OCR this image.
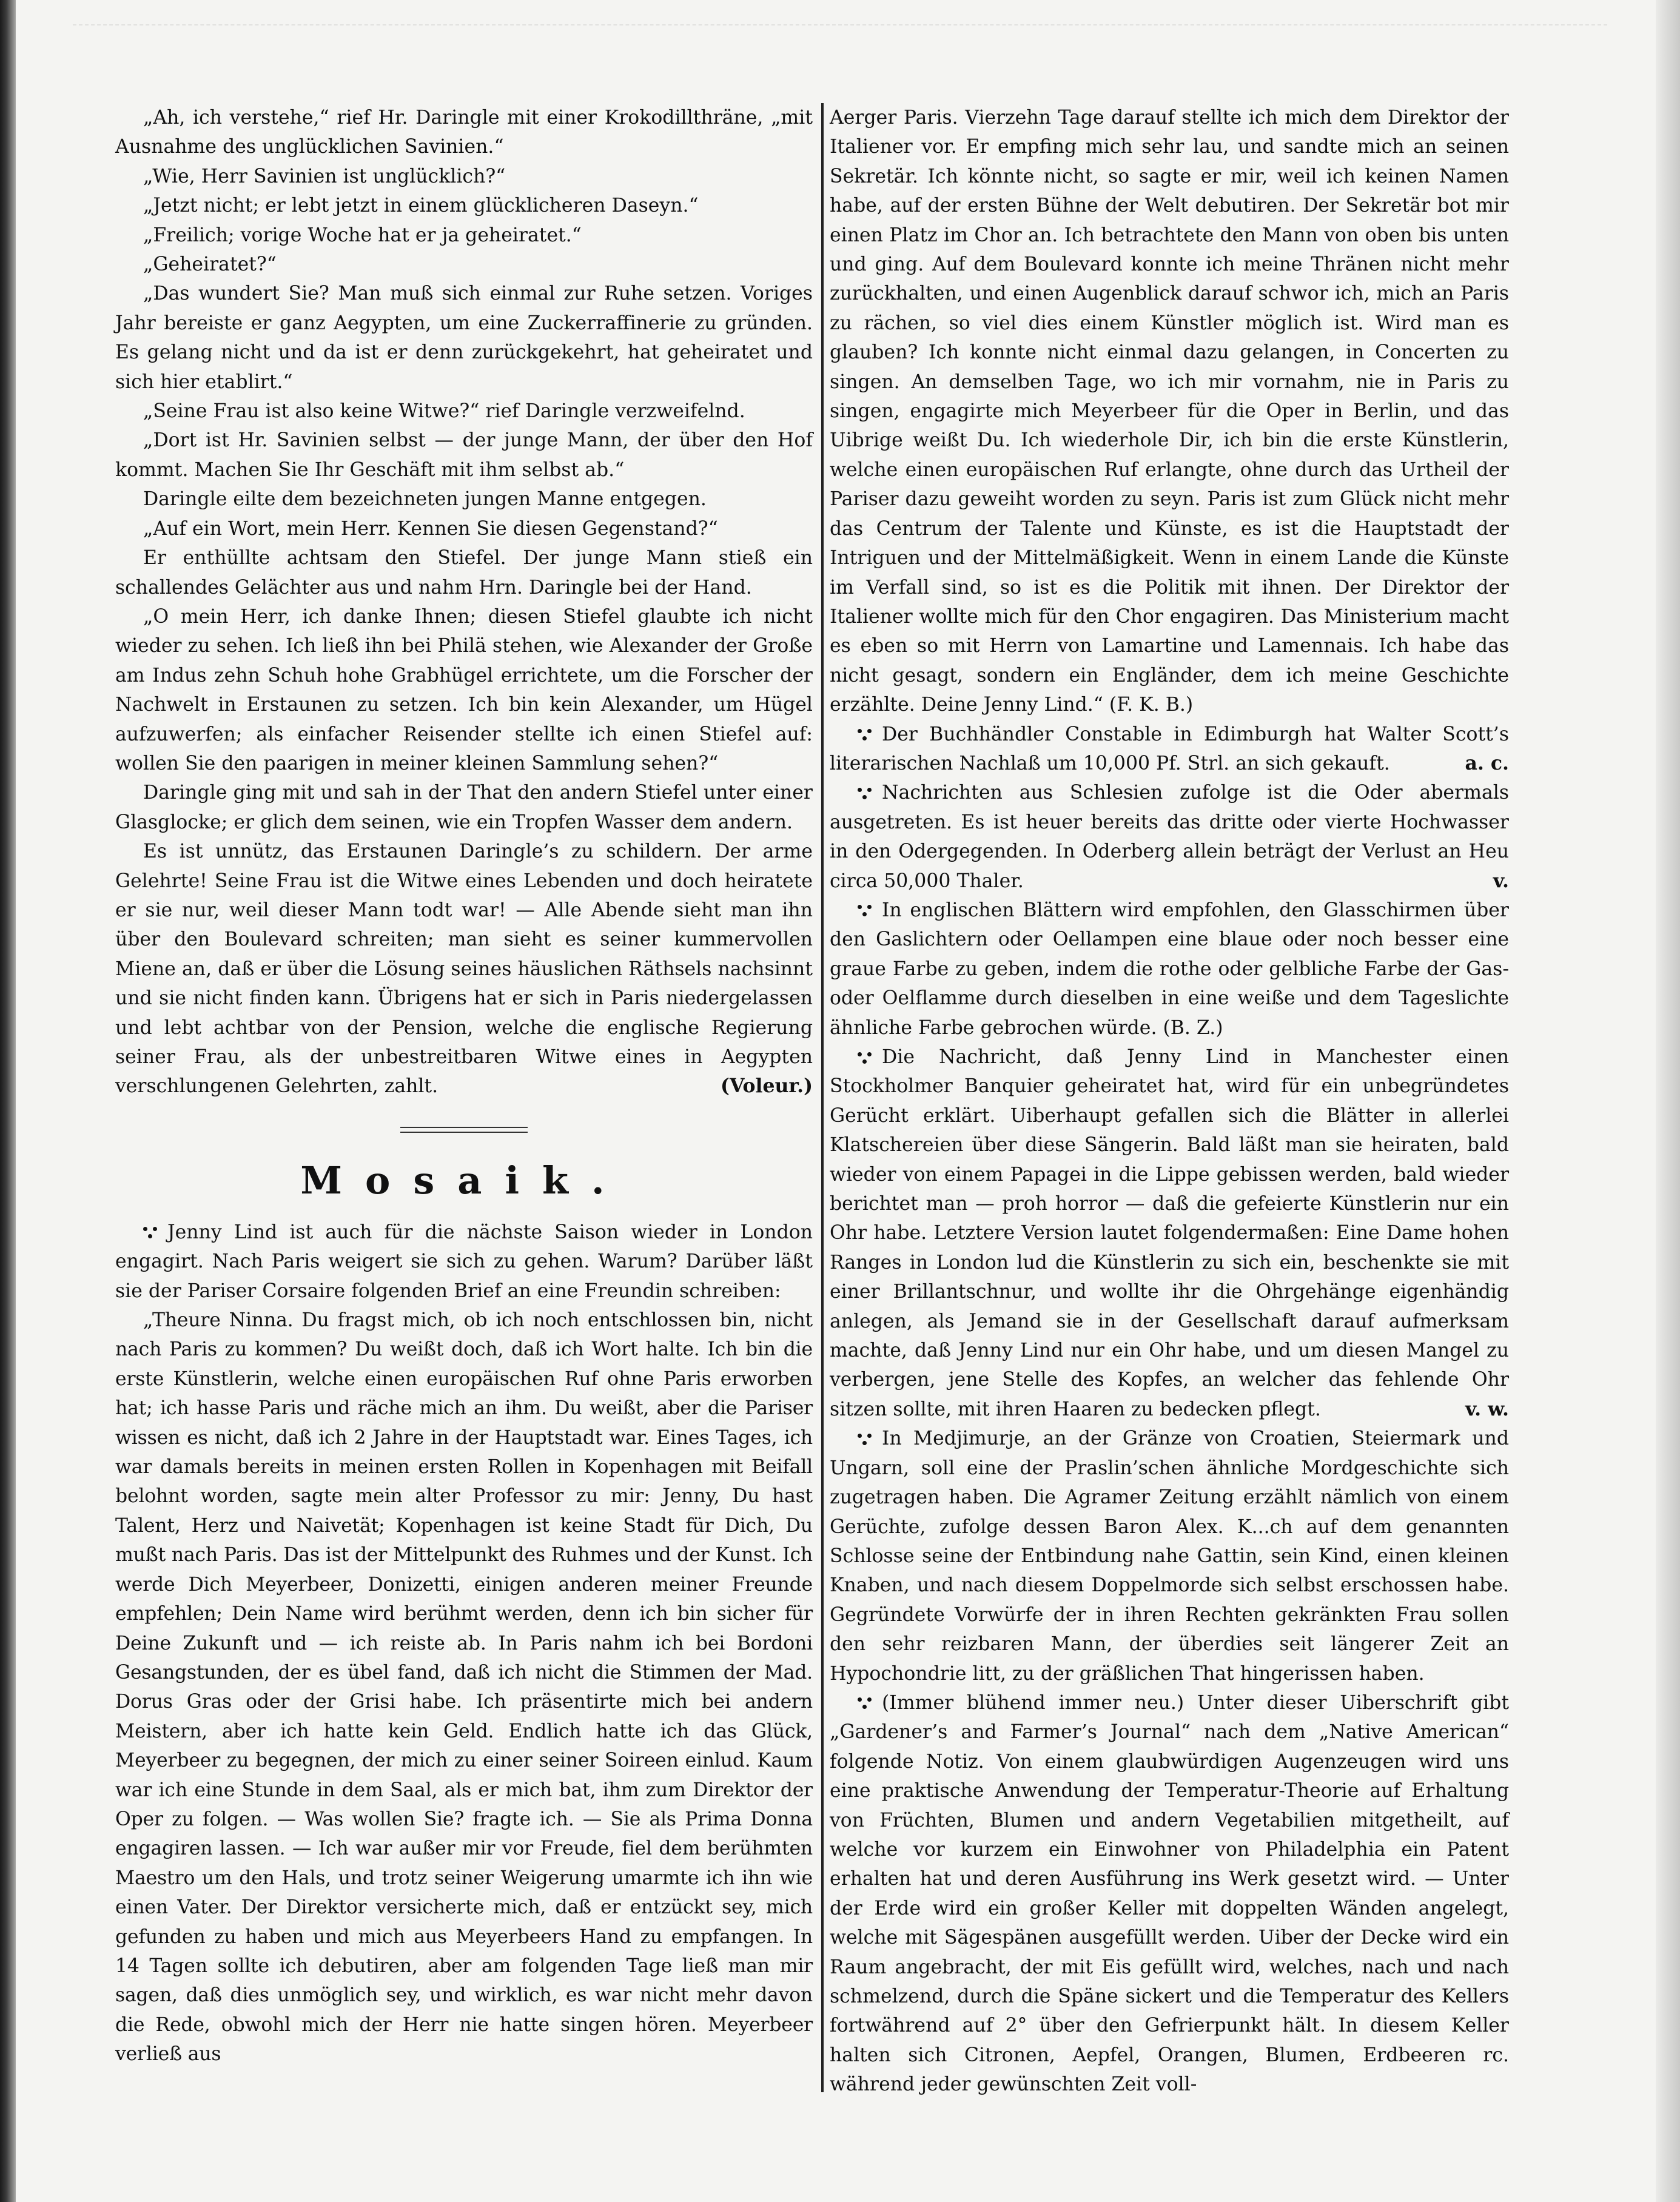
„Ah, ich verstehe,“ rief Hr. Daringle mit einer Krokodillthräne, „mit Ausnahme des unglücklichen Savinien.“

„Wie, Herr Savinien ist unglücklich?“

„Jetzt nicht; er lebt jetzt in einem glücklicheren Daseyn.“

„Freilich; vorige Woche hat er ja geheiratet.“

„Geheiratet?“

„Das wundert Sie? Man muß sich einmal zur Ruhe setzen. Voriges Jahr bereiste er ganz Aegypten, um eine Zuckerraffinerie zu gründen. Es gelang nicht und da ist er denn zurückgekehrt, hat geheiratet und sich hier etablirt.“

„Seine Frau ist also keine Witwe?“ rief Daringle verzweifelnd.

„Dort ist Hr. Savinien selbst — der junge Mann, der über den Hof kommt. Machen Sie Ihr Geschäft mit ihm selbst ab.“

Daringle eilte dem bezeichneten jungen Manne entgegen.

„Auf ein Wort, mein Herr. Kennen Sie diesen Gegenstand?“

Er enthüllte achtsam den Stiefel. Der junge Mann stieß ein schallendes Gelächter aus und nahm Hrn. Daringle bei der Hand.

„O mein Herr, ich danke Ihnen; diesen Stiefel glaubte ich nicht wieder zu sehen. Ich ließ ihn bei Philä stehen, wie Alexander der Große am Indus zehn Schuh hohe Grabhügel errichtete, um die Forscher der Nachwelt in Erstaunen zu setzen. Ich bin kein Alexander, um Hügel aufzuwerfen; als einfacher Reisender stellte ich einen Stiefel auf: wollen Sie den paarigen in meiner kleinen Sammlung sehen?“

Daringle ging mit und sah in der That den andern Stiefel unter einer Glasglocke; er glich dem seinen, wie ein Tropfen Wasser dem andern.

Es ist unnütz, das Erstaunen Daringle’s zu schildern. Der arme Gelehrte! Seine Frau ist die Witwe eines Lebenden und doch heiratete er sie nur, weil dieser Mann todt war! — Alle Abende sieht man ihn über den Boulevard schreiten; man sieht es seiner kummervollen Miene an, daß er über die Lösung seines häuslichen Räthsels nachsinnt und sie nicht finden kann. Übrigens hat er sich in Paris niedergelassen und lebt achtbar von der Pension, welche die englische Regierung seiner Frau, als der unbestreitbaren Witwe eines in Aegypten verschlungenen Gelehrten, zahlt.	(Voleur.)

Mosaik.

Jenny Lind ist auch für die nächste Saison wieder in London engagirt. Nach Paris weigert sie sich zu gehen. Warum? Darüber läßt sie der Pariser Corsaire folgenden Brief an eine Freundin schreiben:

„Theure Ninna. Du fragst mich, ob ich noch entschlossen bin, nicht nach Paris zu kommen? Du weißt doch, daß ich Wort halte. Ich bin die erste Künstlerin, welche einen europäischen Ruf ohne Paris erworben hat; ich hasse Paris und räche mich an ihm. Du weißt, aber die Pariser wissen es nicht, daß ich 2 Jahre in der Hauptstadt war. Eines Tages, ich war damals bereits in meinen ersten Rollen in Kopenhagen mit Beifall belohnt worden, sagte mein alter Professor zu mir: Jenny, Du hast Talent, Herz und Naivetät; Kopenhagen ist keine Stadt für Dich, Du mußt nach Paris. Das ist der Mittelpunkt des Ruhmes und der Kunst. Ich werde Dich Meyerbeer, Donizetti, einigen anderen meiner Freunde empfehlen; Dein Name wird berühmt werden, denn ich bin sicher für Deine Zukunft und — ich reiste ab. In Paris nahm ich bei Bordoni Gesangstunden, der es übel fand, daß ich nicht die Stimmen der Mad. Dorus Gras oder der Grisi habe. Ich präsentirte mich bei andern Meistern, aber ich hatte kein Geld. Endlich hatte ich das Glück, Meyerbeer zu begegnen, der mich zu einer seiner Soireen einlud. Kaum war ich eine Stunde in dem Saal, als er mich bat, ihm zum Direktor der Oper zu folgen. — Was wollen Sie? fragte ich. — Sie als Prima Donna engagiren lassen. — Ich war außer mir vor Freude, fiel dem berühmten Maestro um den Hals, und trotz seiner Weigerung umarmte ich ihn wie einen Vater. Der Direktor versicherte mich, daß er entzückt sey, mich gefunden zu haben und mich aus Meyerbeers Hand zu empfangen. In 14 Tagen sollte ich debutiren, aber am folgenden Tage ließ man mir sagen, daß dies unmöglich sey, und wirklich, es war nicht mehr davon die Rede, obwohl mich der Herr nie hatte singen hören. Meyerbeer verließ aus

Aerger Paris. Vierzehn Tage darauf stellte ich mich dem Direktor der Italiener vor. Er empfing mich sehr lau, und sandte mich an seinen Sekretär. Ich könnte nicht, so sagte er mir, weil ich keinen Namen habe, auf der ersten Bühne der Welt debutiren. Der Sekretär bot mir einen Platz im Chor an. Ich betrachtete den Mann von oben bis unten und ging. Auf dem Boulevard konnte ich meine Thränen nicht mehr zurückhalten, und einen Augenblick darauf schwor ich, mich an Paris zu rächen, so viel dies einem Künstler möglich ist. Wird man es glauben? Ich konnte nicht einmal dazu gelangen, in Concerten zu singen. An demselben Tage, wo ich mir vornahm, nie in Paris zu singen, engagirte mich Meyerbeer für die Oper in Berlin, und das Uibrige weißt Du. Ich wiederhole Dir, ich bin die erste Künstlerin, welche einen europäischen Ruf erlangte, ohne durch das Urtheil der Pariser dazu geweiht worden zu seyn. Paris ist zum Glück nicht mehr das Centrum der Talente und Künste, es ist die Hauptstadt der Intriguen und der Mittelmäßigkeit. Wenn in einem Lande die Künste im Verfall sind, so ist es die Politik mit ihnen. Der Direktor der Italiener wollte mich für den Chor engagiren. Das Ministerium macht es eben so mit Herrn von Lamartine und Lamennais. Ich habe das nicht gesagt, sondern ein Engländer, dem ich meine Geschichte erzählte. Deine Jenny Lind.“ (F. K. B.)

Der Buchhändler Constable in Edimburgh hat Walter Scott’s literarischen Nachlaß um 10,000 Pf. Strl. an sich gekauft.	a. c.

Nachrichten aus Schlesien zufolge ist die Oder abermals ausgetreten. Es ist heuer bereits das dritte oder vierte Hochwasser in den Odergegenden. In Oderberg allein beträgt der Verlust an Heu circa 50,000 Thaler.	v.

In englischen Blättern wird empfohlen, den Glasschirmen über den Gaslichtern oder Oellampen eine blaue oder noch besser eine graue Farbe zu geben, indem die rothe oder gelbliche Farbe der Gas- oder Oelflamme durch dieselben in eine weiße und dem Tageslichte ähnliche Farbe gebrochen würde. (B. Z.)

Die Nachricht, daß Jenny Lind in Manchester einen Stockholmer Banquier geheiratet hat, wird für ein unbegründetes Gerücht erklärt. Uiberhaupt gefallen sich die Blätter in allerlei Klatschereien über diese Sängerin. Bald läßt man sie heiraten, bald wieder von einem Papagei in die Lippe gebissen werden, bald wieder berichtet man — proh horror — daß die gefeierte Künstlerin nur ein Ohr habe. Letztere Version lautet folgendermaßen: Eine Dame hohen Ranges in London lud die Künstlerin zu sich ein, beschenkte sie mit einer Brillantschnur, und wollte ihr die Ohrgehänge eigenhändig anlegen, als Jemand sie in der Gesellschaft darauf aufmerksam machte, daß Jenny Lind nur ein Ohr habe, und um diesen Mangel zu verbergen, jene Stelle des Kopfes, an welcher das fehlende Ohr sitzen sollte, mit ihren Haaren zu bedecken pflegt.	v. w.

In Medjimurje, an der Gränze von Croatien, Steiermark und Ungarn, soll eine der Praslin’schen ähnliche Mordgeschichte sich zugetragen haben. Die Agramer Zeitung erzählt nämlich von einem Gerüchte, zufolge dessen Baron Alex. K...ch auf dem genannten Schlosse seine der Entbindung nahe Gattin, sein Kind, einen kleinen Knaben, und nach diesem Doppelmorde sich selbst erschossen habe. Gegründete Vorwürfe der in ihren Rechten gekränkten Frau sollen den sehr reizbaren Mann, der überdies seit längerer Zeit an Hypochondrie litt, zu der gräßlichen That hingerissen haben.

(Immer blühend immer neu.) Unter dieser Uiberschrift gibt „Gardener’s and Farmer’s Journal“ nach dem „Native American“ folgende Notiz. Von einem glaubwürdigen Augenzeugen wird uns eine praktische Anwendung der Temperatur-Theorie auf Erhaltung von Früchten, Blumen und andern Vegetabilien mitgetheilt, auf welche vor kurzem ein Einwohner von Philadelphia ein Patent erhalten hat und deren Ausführung ins Werk gesetzt wird. — Unter der Erde wird ein großer Keller mit doppelten Wänden angelegt, welche mit Sägespänen ausgefüllt werden. Uiber der Decke wird ein Raum angebracht, der mit Eis gefüllt wird, welches, nach und nach schmelzend, durch die Späne sickert und die Temperatur des Kellers fortwährend auf 2° über den Gefrierpunkt hält. In diesem Keller halten sich Citronen, Aepfel, Orangen, Blumen, Erdbeeren rc. während jeder gewünschten Zeit voll-
